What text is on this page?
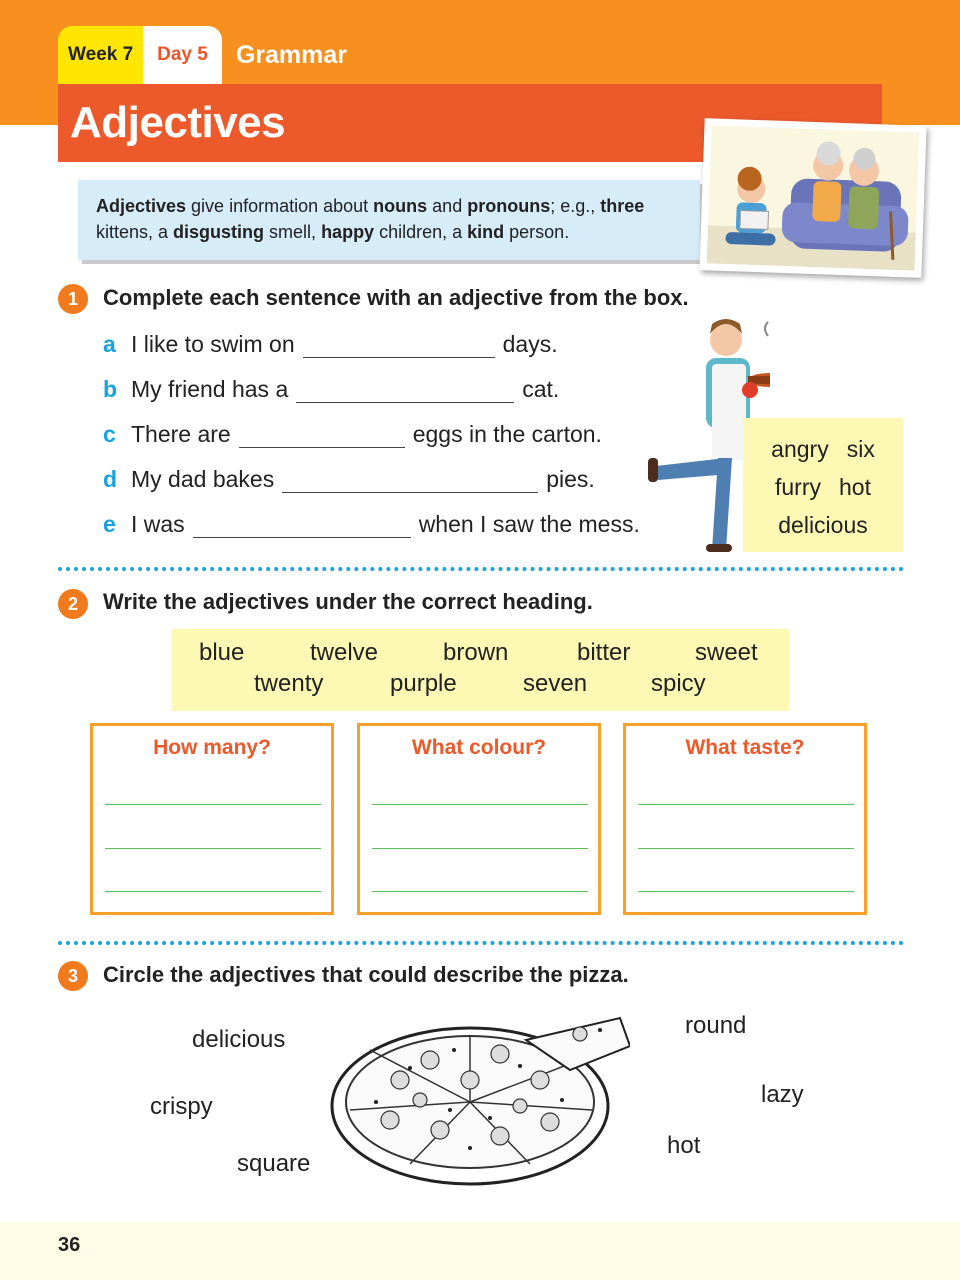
Week 7	Day 5	Grammar
Adjectives
Adjectives give information about nouns and pronouns; e.g., three kittens, a disgusting smell, happy children, a kind person.
1	Complete each sentence with an adjective from the box.
a I like to swim on	days.
b My friend has a	cat.
c There are	eggs in the carton.
d My dad bakes	pies.
e I was	when I saw the mess.
angry six
furry hot
delicious
2	Write the adjectives under the correct heading.
blue	twelve	brown	bitter	sweet
twenty	purple	seven	spicy
How many?	What colour?	What taste?
3	Circle the adjectives that could describe the pizza.
delicious
crispy
square
round
lazy
hot
36
